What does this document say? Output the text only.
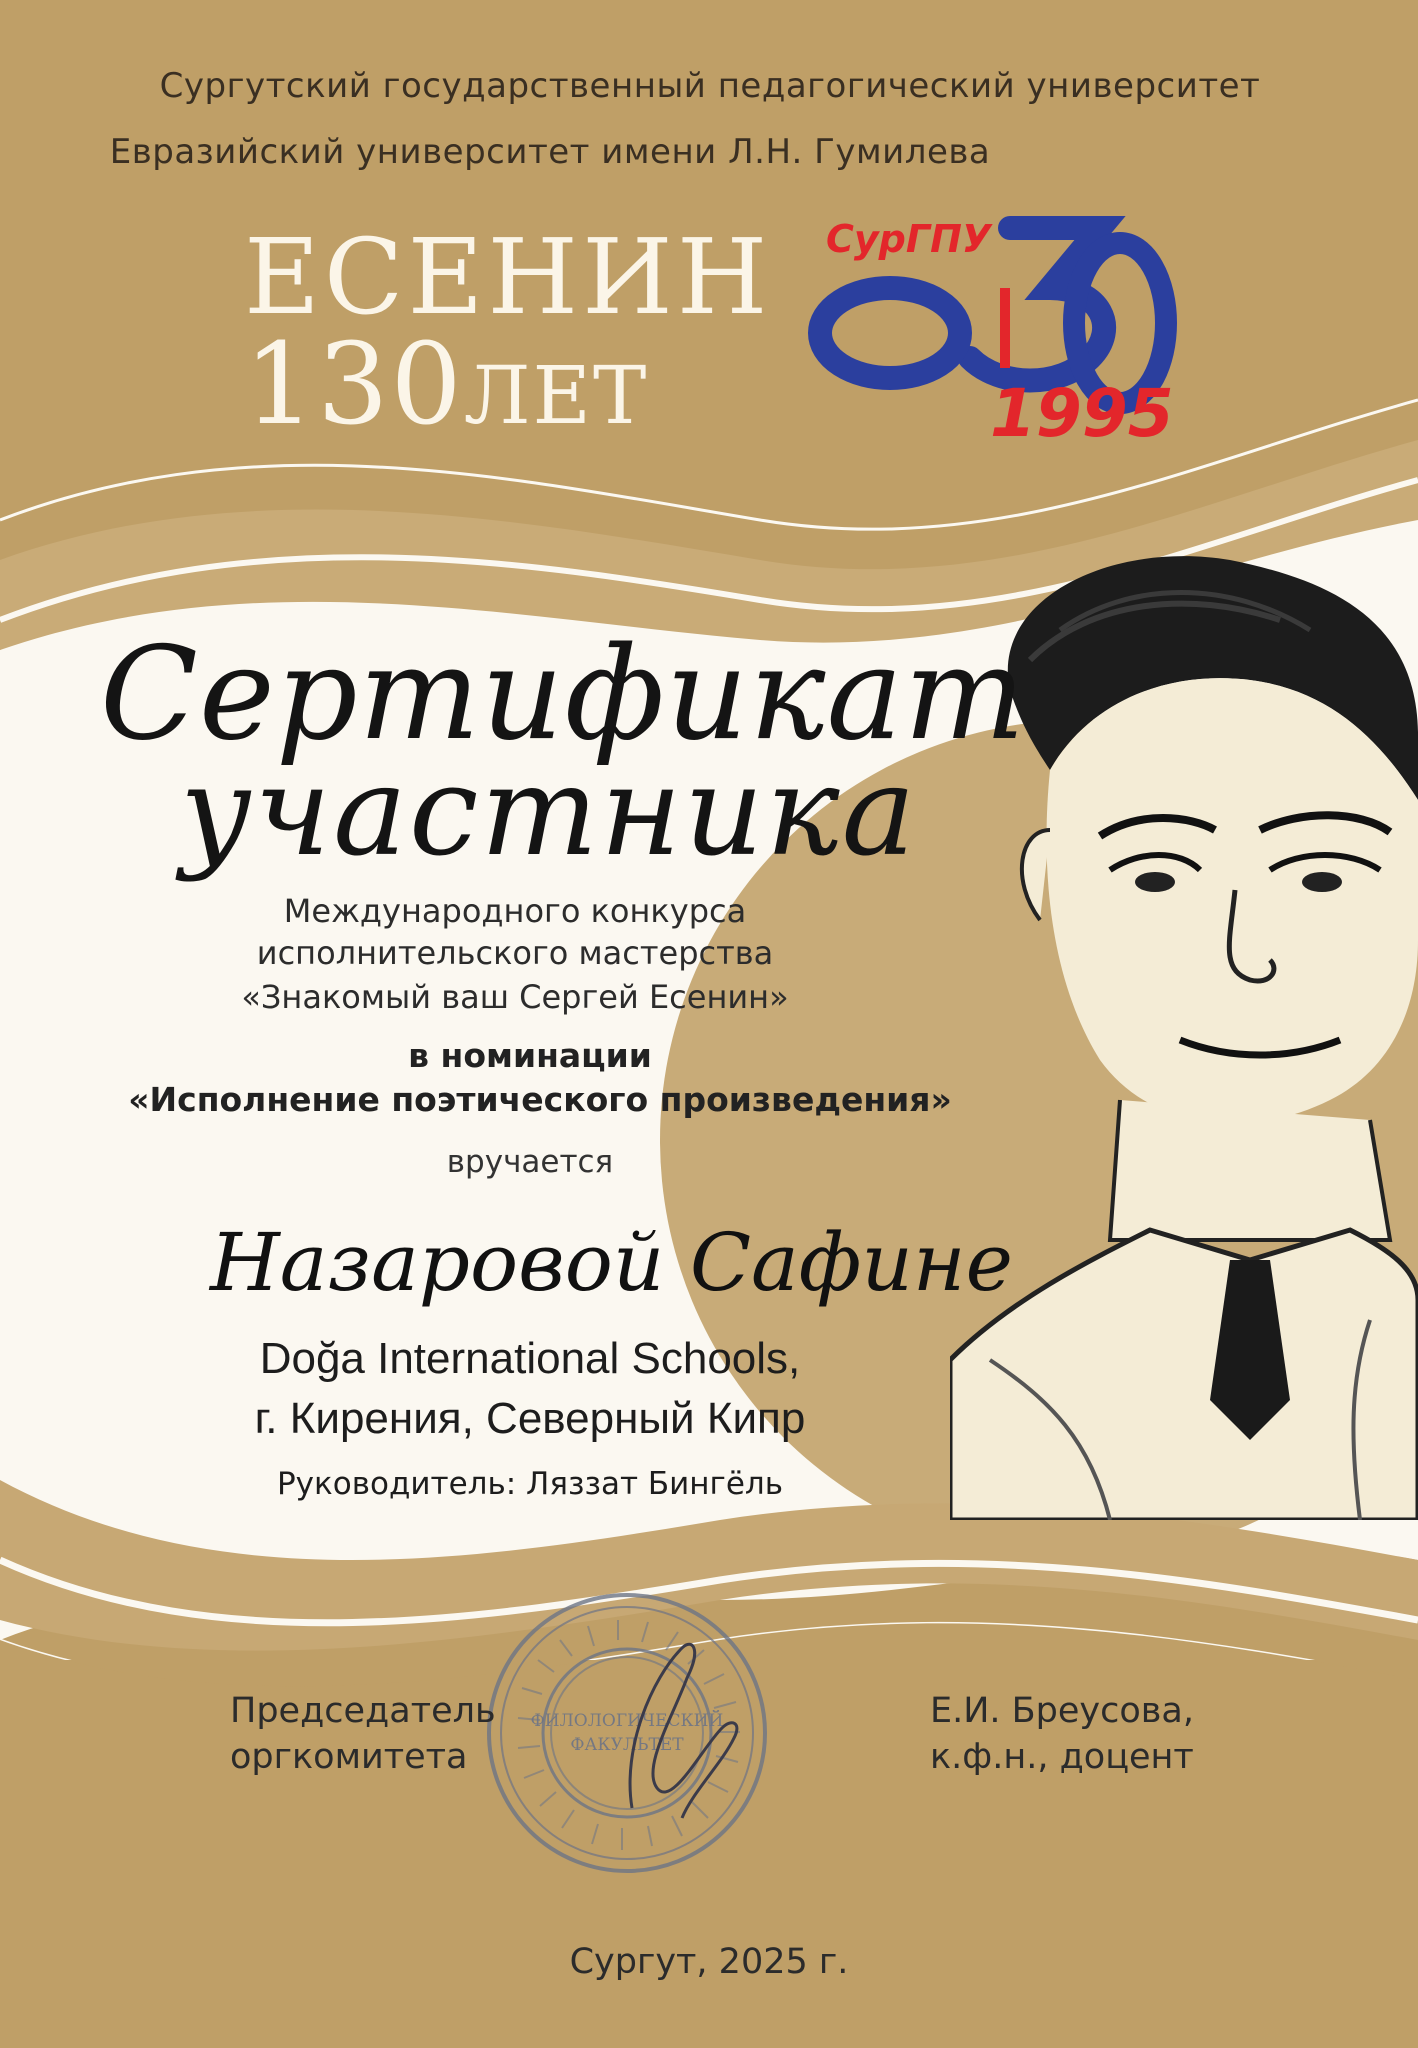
Сургутский государственный педагогический университет
Евразийский университет имени Л.Н. Гумилева
ЕСЕНИН
130ЛЕТ
СурГПУ
1995
Сертификат
участника
Международного конкурса
исполнительского мастерства
«Знакомый ваш Сергей Есенин»
в номинации
«Исполнение поэтического произведения»
вручается
Назаровой Сафине
Doğa International Schools,
г. Кирения, Северный Кипр
Руководитель: Ляззат Бингёль
ФИЛОЛОГИЧЕСКИЙ
ФАКУЛЬТЕТ
Председатель
оргкомитета
Е.И. Бреусова,
к.ф.н., доцент
Сургут, 2025 г.
